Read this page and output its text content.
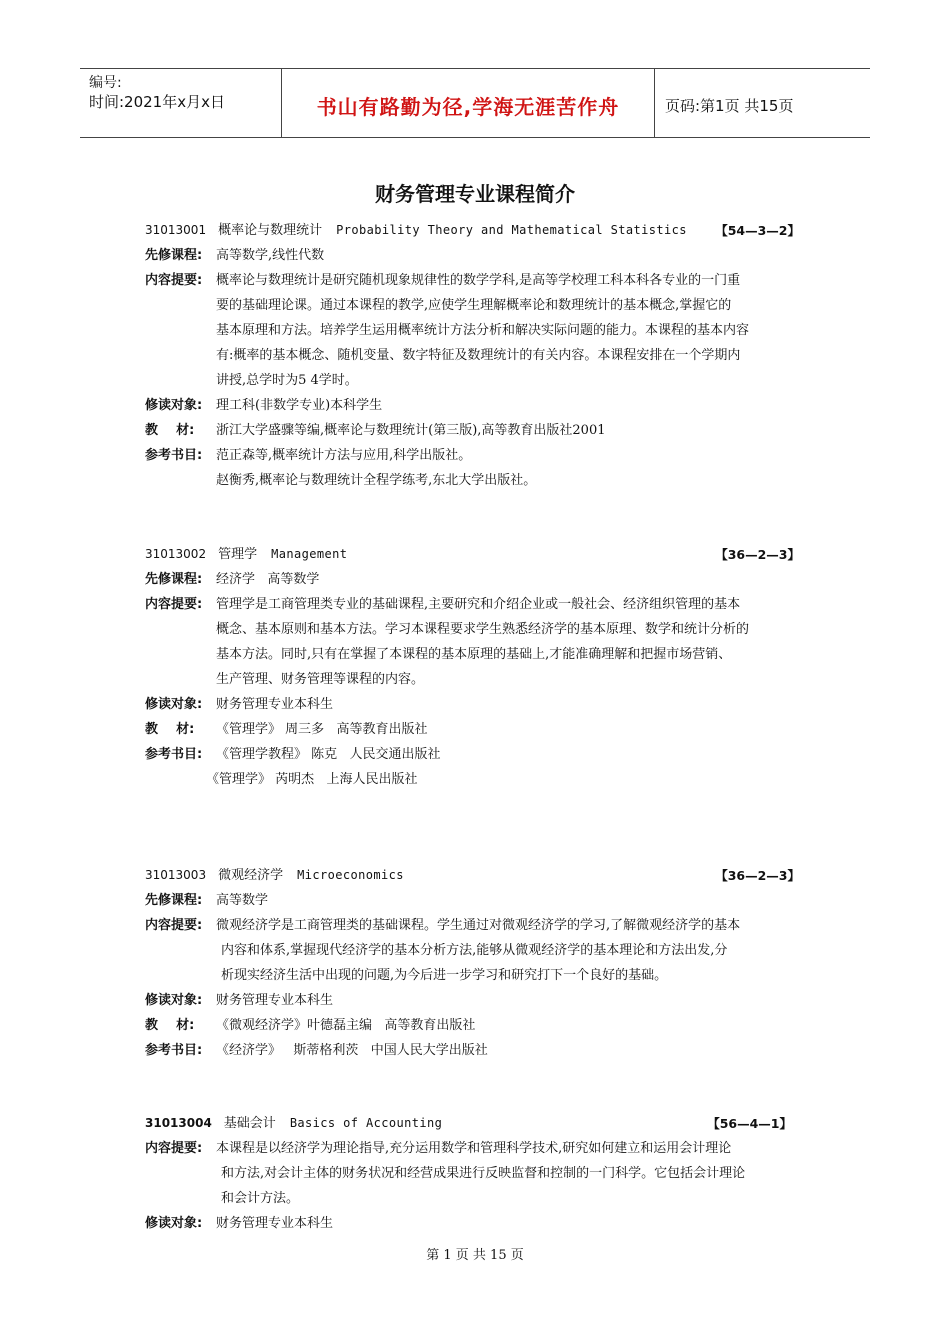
编号:
时间:2021年x月x日	书山有路勤为径,学海无涯苦作舟	页码:第1页 共15页
财务管理专业课程简介
31013001 概率论与数理统计 Probability Theory and Mathematical Statistics 【54—3—2】
先修课程: 高等数学,线性代数
内容提要:	概率论与数理统计是研究随机现象规律性的数学学科,是高等学校理工科本科各专业的一门重
要的基础理论课。通过本课程的教学,应使学生理解概率论和数理统计的基本概念,掌握它的
基本原理和方法。培养学生运用概率统计方法分析和解决实际问题的能力。本课程的基本内容
有:概率的基本概念、随机变量、数字特征及数理统计的有关内容。本课程安排在一个学期内
讲授,总学时为5 4学时。
修读对象: 理工科(非数学专业)本科学生
教    材: 浙江大学盛骤等编,概率论与数理统计(第三版),高等教育出版社2001
参考书目: 范正森等,概率统计方法与应用,科学出版社。
赵衡秀,概率论与数理统计全程学练考,东北大学出版社。
31013002 管理学 Management	【36—2—3】
先修课程: 经济学   高等数学
内容提要:	管理学是工商管理类专业的基础课程,主要研究和介绍企业或一般社会、经济组织管理的基本
概念、基本原则和基本方法。学习本课程要求学生熟悉经济学的基本原理、数学和统计分析的
基本方法。同时,只有在掌握了本课程的基本原理的基础上,才能准确理解和把握市场营销、
生产管理、财务管理等课程的内容。
修读对象: 财务管理专业本科生
教    材: 《管理学》 周三多   高等教育出版社
参考书目: 《管理学教程》 陈克   人民交通出版社
《管理学》 芮明杰   上海人民出版社
31013003 微观经济学 Microeconomics	【36—2—3】
先修课程: 高等数学
内容提要:	微观经济学是工商管理类的基础课程。学生通过对微观经济学的学习,了解微观经济学的基本
内容和体系,掌握现代经济学的基本分析方法,能够从微观经济学的基本理论和方法出发,分
析现实经济生活中出现的问题,为今后进一步学习和研究打下一个良好的基础。
修读对象: 财务管理专业本科生
教    材: 《微观经济学》叶德磊主编   高等教育出版社
参考书目: 《经济学》   斯蒂格利茨   中国人民大学出版社
31013004 基础会计 Basics of Accounting	【56—4—1】
内容提要:	本课程是以经济学为理论指导,充分运用数学和管理科学技术,研究如何建立和运用会计理论
和方法,对会计主体的财务状况和经营成果进行反映监督和控制的一门科学。它包括会计理论
和会计方法。
修读对象: 财务管理专业本科生
第 1 页 共 15 页
